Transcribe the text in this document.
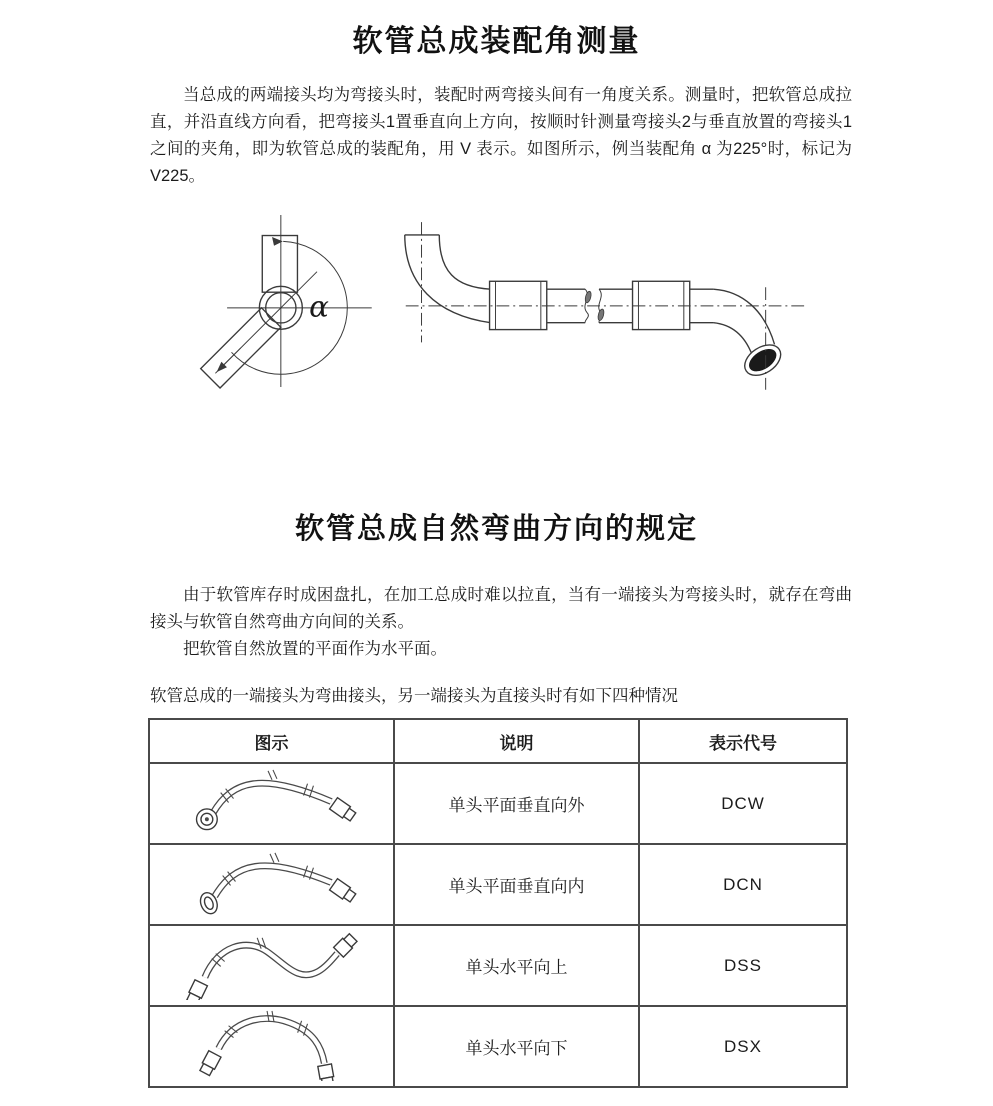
软管总成装配角测量
当总成的两端接头均为弯接头时，装配时两弯接头间有一角度关系。测量时，把软管总成拉直，并沿直线方向看，把弯接头1置垂直向上方向，按顺时针测量弯接头2与垂直放置的弯接头1之间的夹角，即为软管总成的装配角，用 V 表示。如图所示，例当装配角 α 为225°时，标记为V225。
α
软管总成自然弯曲方向的规定
由于软管库存时成困盘扎，在加工总成时难以拉直，当有一端接头为弯接头时，就存在弯曲接头与软管自然弯曲方向间的关系。
把软管自然放置的平面作为水平面。
软管总成的一端接头为弯曲接头，另一端接头为直接头时有如下四种情况
图示	说明	表示代号
	单头平面垂直向外	DCW
	单头平面垂直向内	DCN
	单头水平向上	DSS
	单头水平向下	DSX
